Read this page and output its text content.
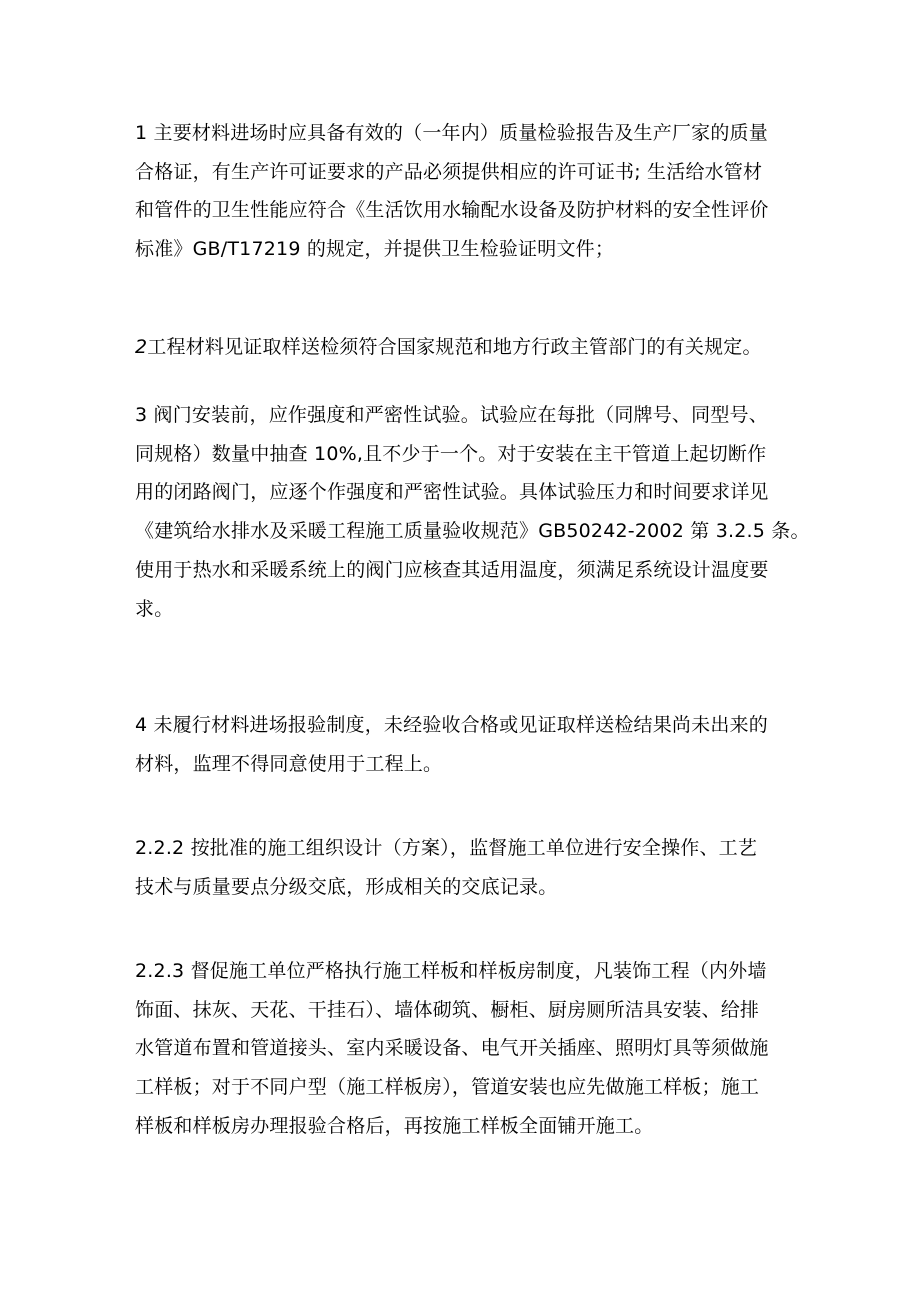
1 主要材料进场时应具备有效的（一年内）质量检验报告及生产厂家的质量
合格证，有生产许可证要求的产品必须提供相应的许可证书; 生活给水管材
和管件的卫生性能应符合《生活饮用水输配水设备及防护材料的安全性评价
标准》GB/T17219 的规定，并提供卫生检验证明文件；
2工程材料见证取样送检须符合国家规范和地方行政主管部门的有关规定。
3 阀门安装前，应作强度和严密性试验。试验应在每批（同牌号、同型号、
同规格）数量中抽查 10%,且不少于一个。对于安装在主干管道上起切断作
用的闭路阀门，应逐个作强度和严密性试验。具体试验压力和时间要求详见
《建筑给水排水及采暖工程施工质量验收规范》GB50242-2002 第 3.2.5 条。
使用于热水和采暖系统上的阀门应核查其适用温度，须满足系统设计温度要
求。
4 未履行材料进场报验制度，未经验收合格或见证取样送检结果尚未出来的
材料，监理不得同意使用于工程上。
2.2.2 按批准的施工组织设计（方案），监督施工单位进行安全操作、工艺
技术与质量要点分级交底，形成相关的交底记录。
2.2.3 督促施工单位严格执行施工样板和样板房制度，凡装饰工程（内外墙
饰面、抹灰、天花、干挂石）、墙体砌筑、橱柜、厨房厕所洁具安装、给排
水管道布置和管道接头、室内采暖设备、电气开关插座、照明灯具等须做施
工样板；对于不同户型（施工样板房），管道安装也应先做施工样板；施工
样板和样板房办理报验合格后，再按施工样板全面铺开施工。
